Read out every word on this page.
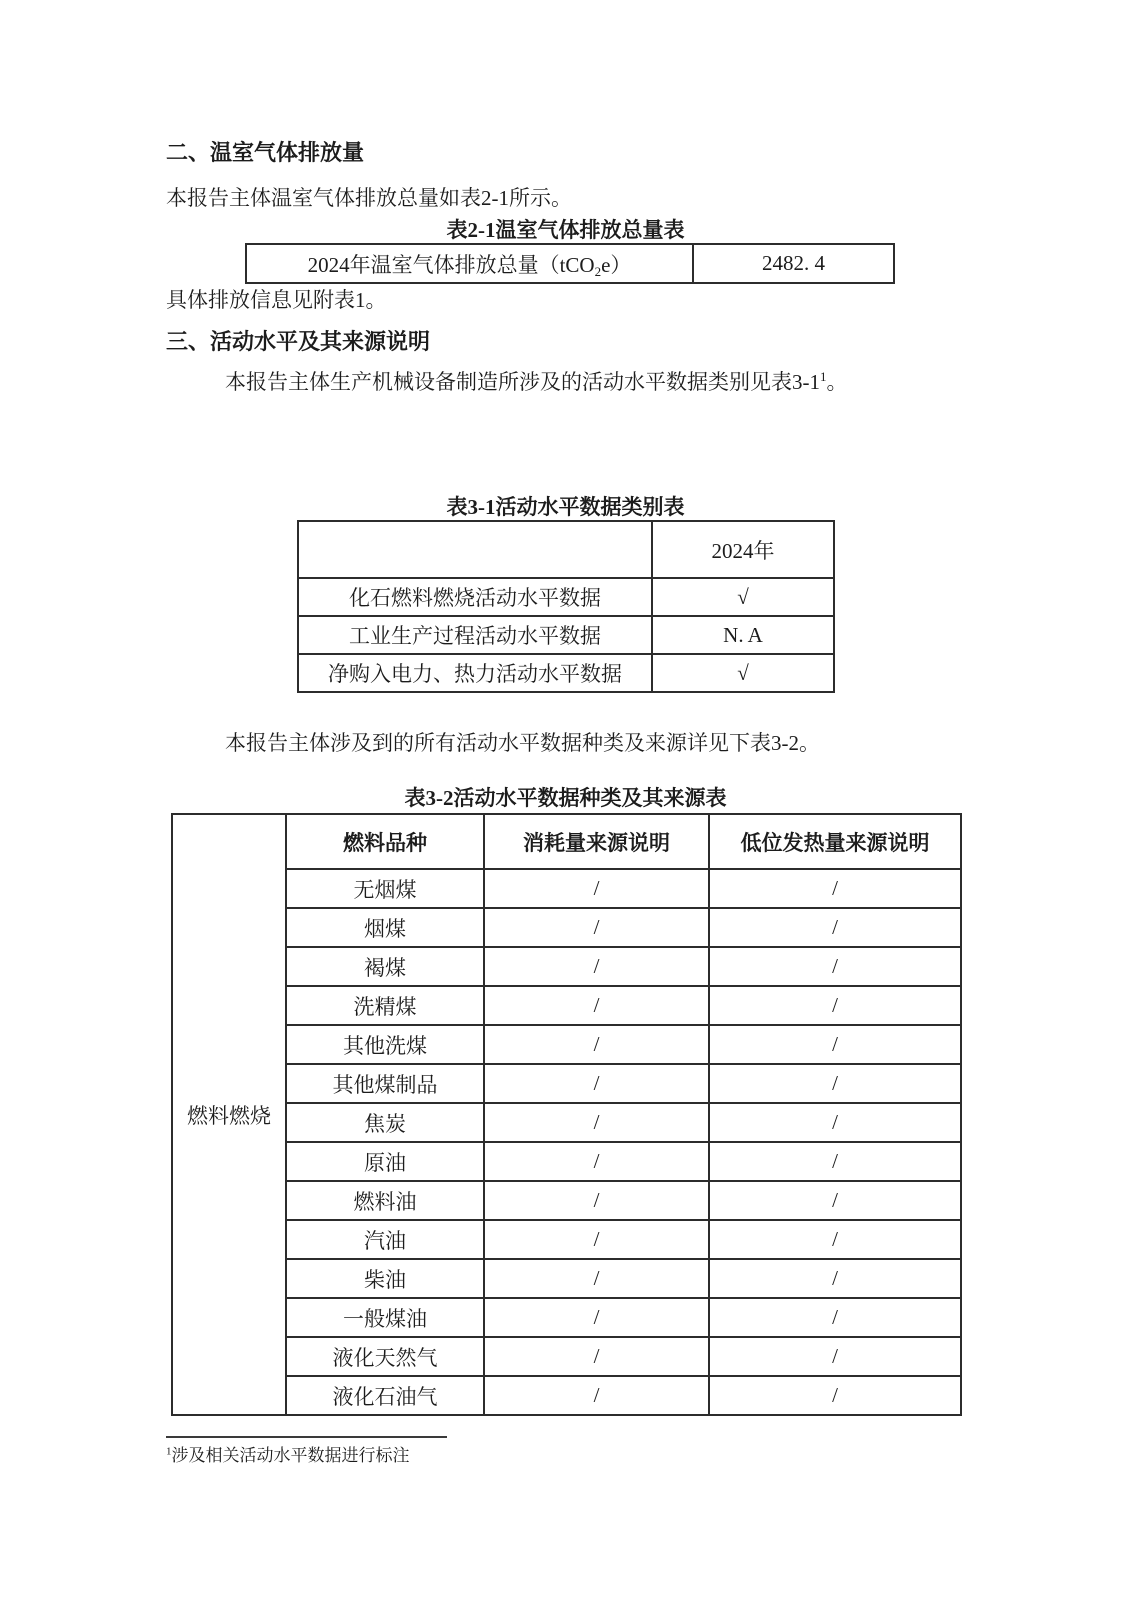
二、温室气体排放量

本报告主体温室气体排放总量如表2-1所示。

表2-1温室气体排放总量表

2024年温室气体排放总量（tCO$_2$e）	2482. 4

具体排放信息见附表1。

三、活动水平及其来源说明

本报告主体生产机械设备制造所涉及的活动水平数据类别见表3-1$^1$。

表3-1活动水平数据类别表

	2024年
化石燃料燃烧活动水平数据	√
工业生产过程活动水平数据	N. A
净购入电力、热力活动水平数据	√

本报告主体涉及到的所有活动水平数据种类及来源详见下表3-2。

表3-2活动水平数据种类及其来源表

燃料燃烧	燃料品种	消耗量来源说明	低位发热量来源说明
	无烟煤	/	/
	烟煤	/	/
	褐煤	/	/
	洗精煤	/	/
	其他洗煤	/	/
	其他煤制品	/	/
	焦炭	/	/
	原油	/	/
	燃料油	/	/
	汽油	/	/
	柴油	/	/
	一般煤油	/	/
	液化天然气	/	/
	液化石油气	/	/

$^1$涉及相关活动水平数据进行标注
